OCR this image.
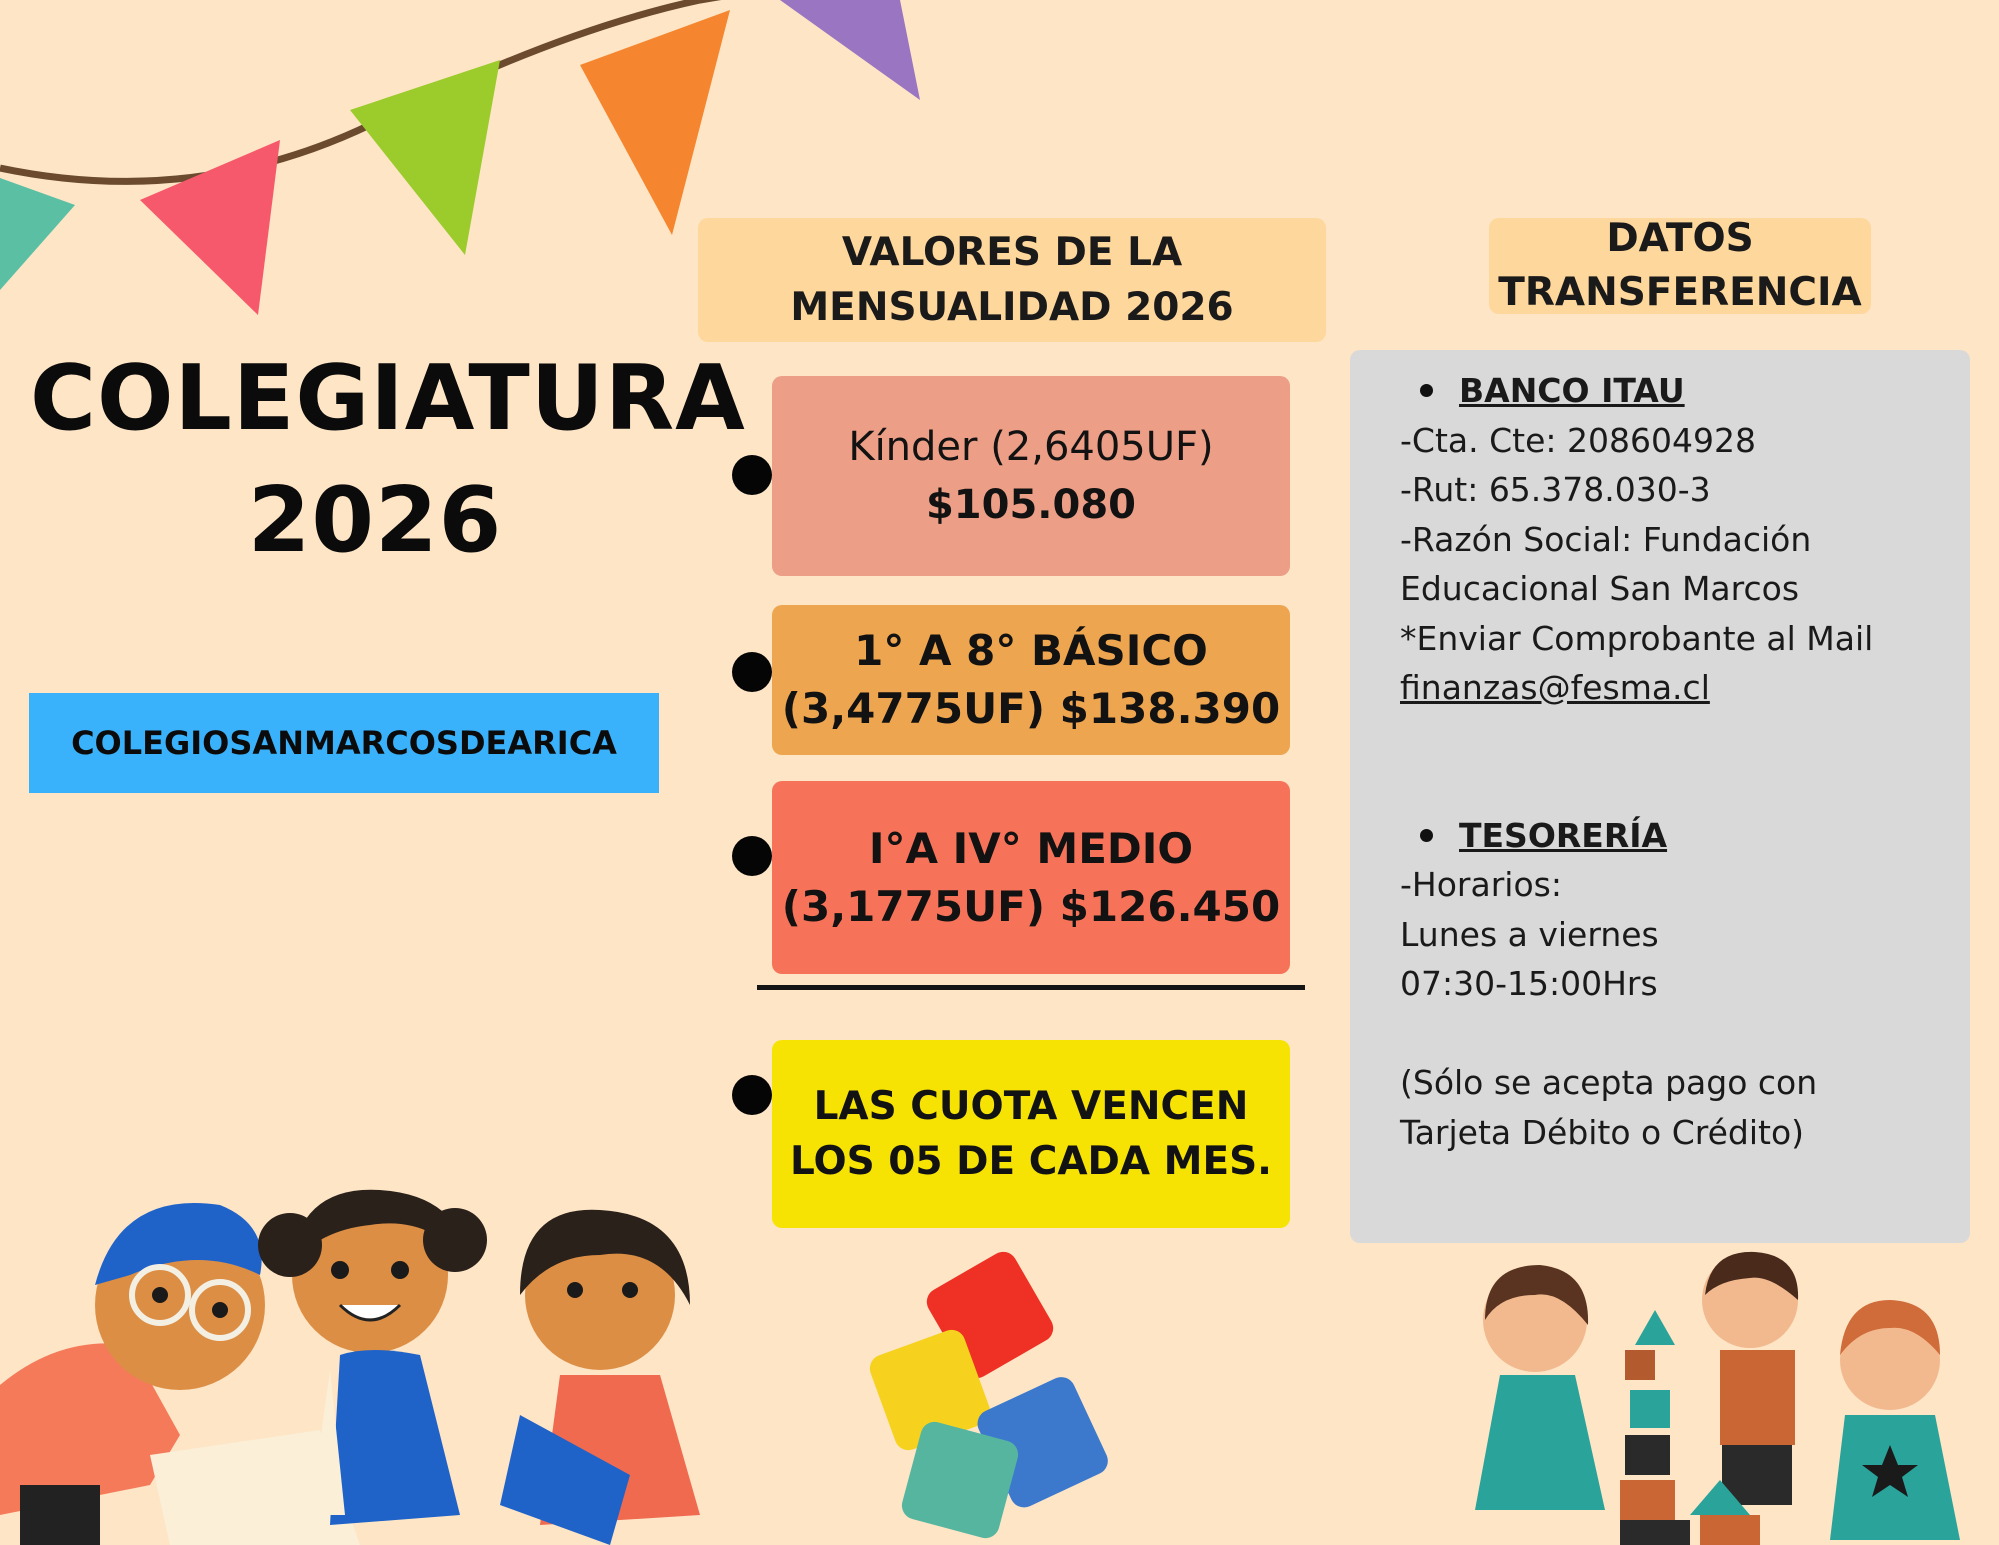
COLEGIATURA
2026
COLEGIOSANMARCOSDEARICA
VALORES DE LA
MENSUALIDAD 2026
Kínder (2,6405UF)
$105.080
1° A 8° BÁSICO
(3,4775UF) $138.390
I°A IV° MEDIO
(3,1775UF) $126.450
LAS CUOTA VENCEN
LOS 05 DE CADA MES.
DATOS
TRANSFERENCIA
BANCO ITAU
-Cta. Cte: 208604928
-Rut: 65.378.030-3
-Razón Social: Fundación
Educacional San Marcos
*Enviar Comprobante al Mail
finanzas@fesma.cl
TESORERÍA
-Horarios:
Lunes a viernes
07:30-15:00Hrs
(Sólo se acepta pago con
Tarjeta Débito o Crédito)
